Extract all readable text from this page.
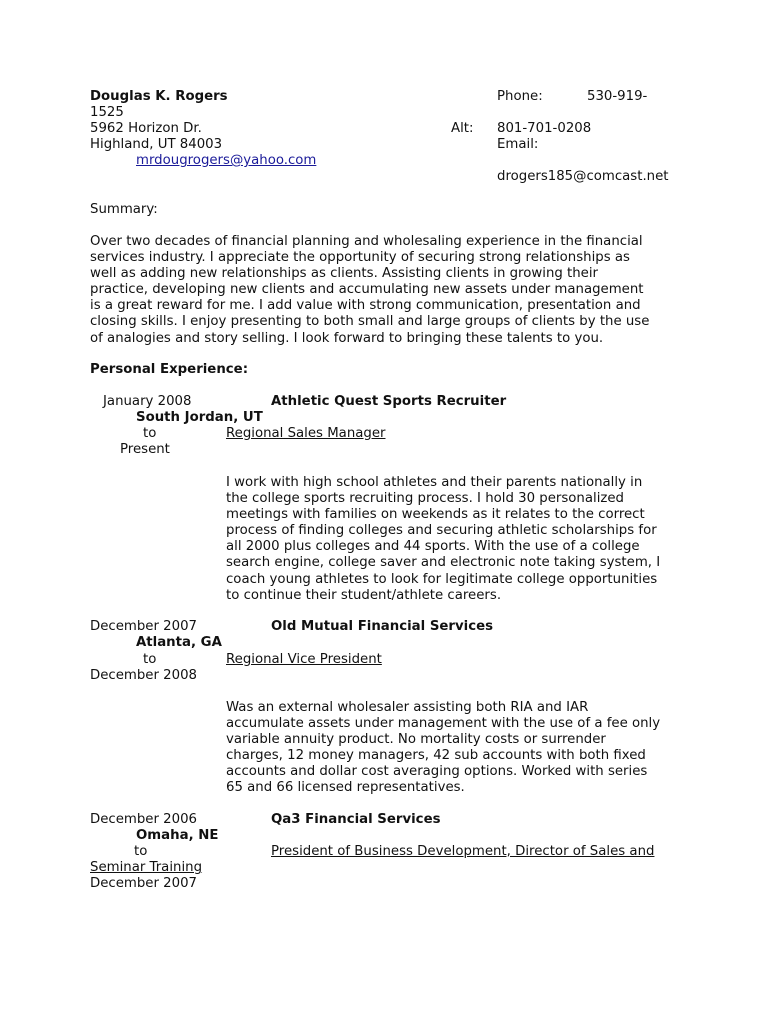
Douglas K. Rogers	Phone:	530-919-
1525
5962 Horizon Dr.	Alt: 801-701-0208
Highland, UT 84003	Email:
mrdougrogers@yahoo.com
drogers185@comcast.net
Summary:
Over two decades of financial planning and wholesaling experience in the financial
services industry. I appreciate the opportunity of securing strong relationships as
well as adding new relationships as clients. Assisting clients in growing their
practice, developing new clients and accumulating new assets under management
is a great reward for me. I add value with strong communication, presentation and
closing skills. I enjoy presenting to both small and large groups of clients by the use
of analogies and story selling. I look forward to bringing these talents to you.
Personal Experience:
January 2008	Athletic Quest Sports Recruiter
South Jordan, UT
to	Regional Sales Manager
Present
I work with high school athletes and their parents nationally in
the college sports recruiting process. I hold 30 personalized
meetings with families on weekends as it relates to the correct
process of finding colleges and securing athletic scholarships for
all 2000 plus colleges and 44 sports. With the use of a college
search engine, college saver and electronic note taking system, I
coach young athletes to look for legitimate college opportunities
to continue their student/athlete careers.
December 2007	Old Mutual Financial Services
Atlanta, GA
to	Regional Vice President
December 2008
Was an external wholesaler assisting both RIA and IAR
accumulate assets under management with the use of a fee only
variable annuity product. No mortality costs or surrender
charges, 12 money managers, 42 sub accounts with both fixed
accounts and dollar cost averaging options. Worked with series
65 and 66 licensed representatives.
December 2006	Qa3 Financial Services
Omaha, NE
to	President of Business Development, Director of Sales and
Seminar Training
December 2007
